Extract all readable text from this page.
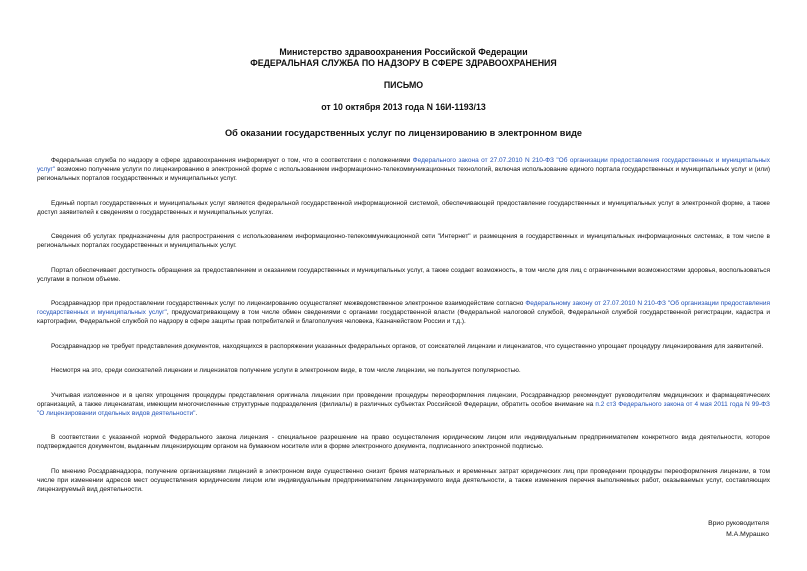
Министерство здравоохранения Российской Федерации
ФЕДЕРАЛЬНАЯ СЛУЖБА ПО НАДЗОРУ В СФЕРЕ ЗДРАВООХРАНЕНИЯ
ПИСЬМО
от 10 октября 2013 года N 16И-1193/13
Об оказании государственных услуг по лицензированию в электронном виде

Федеральная служба по надзору в сфере здравоохранения информирует о том, что в соответствии с положениями Федерального закона от 27.07.2010 N 210-ФЗ "Об организации предоставления государственных и муниципальных услуг" возможно получение услуги по лицензированию в электронной форме с использованием информационно-телекоммуникационных технологий, включая использование единого портала государственных и муниципальных услуг и (или) региональных порталов государственных и муниципальных услуг.

Единый портал государственных и муниципальных услуг является федеральной государственной информационной системой, обеспечивающей предоставление государственных и муниципальных услуг в электронной форме, а также доступ заявителей к сведениям о государственных и муниципальных услугах.

Сведения об услугах предназначены для распространения с использованием информационно-телекоммуникационной сети "Интернет" и размещения в государственных и муниципальных информационных системах, в том числе в региональных порталах государственных и муниципальных услуг.

Портал обеспечивает доступность обращения за предоставлением и оказанием государственных и муниципальных услуг, а также создает возможность, в том числе для лиц с ограниченными возможностями здоровья, воспользоваться услугами в полном объеме.

Росздравнадзор при предоставлении государственных услуг по лицензированию осуществляет межведомственное электронное взаимодействие согласно Федеральному закону от 27.07.2010 N 210-ФЗ "Об организации предоставления государственных и муниципальных услуг", предусматривающему в том числе обмен сведениями с органами государственной власти (Федеральной налоговой службой, Федеральной службой государственной регистрации, кадастра и картографии, Федеральной службой по надзору в сфере защиты прав потребителей и благополучия человека, Казначейством России и т.д.).

Росздравнадзор не требует представления документов, находящихся в распоряжении указанных федеральных органов, от соискателей лицензии и лицензиатов, что существенно упрощает процедуру лицензирования для заявителей.

Несмотря на это, среди соискателей лицензии и лицензиатов получение услуги в электронном виде, в том числе лицензии, не пользуется популярностью.

Учитывая изложенное и в целях упрощения процедуры представления оригинала лицензии при проведении процедуры переоформления лицензии, Росздравнадзор рекомендует руководителям медицинских и фармацевтических организаций, а также лицензиатам, имеющим многочисленные структурные подразделения (филиалы) в различных субъектах Российской Федерации, обратить особое внимание на п.2 ст3 Федерального закона от 4 мая 2011 года N 99-ФЗ "О лицензировании отдельных видов деятельности".

В соответствии с указанной нормой Федерального закона лицензия - специальное разрешение на право осуществления юридическим лицом или индивидуальным предпринимателем конкретного вида деятельности, которое подтверждается документом, выданным лицензирующим органом на бумажном носителе или в форме электронного документа, подписанного электронной подписью.

По мнению Росздравнадзора, получение организациями лицензий в электронном виде существенно снизит бремя материальных и временных затрат юридических лиц при проведении процедуры переоформления лицензии, в том числе при изменении адресов мест осуществления юридическим лицом или индивидуальным предпринимателем лицензируемого вида деятельности, а также изменения перечня выполняемых работ, оказываемых услуг, составляющих лицензируемый вид деятельности.

Врио руководителя
М.А.Мурашко
